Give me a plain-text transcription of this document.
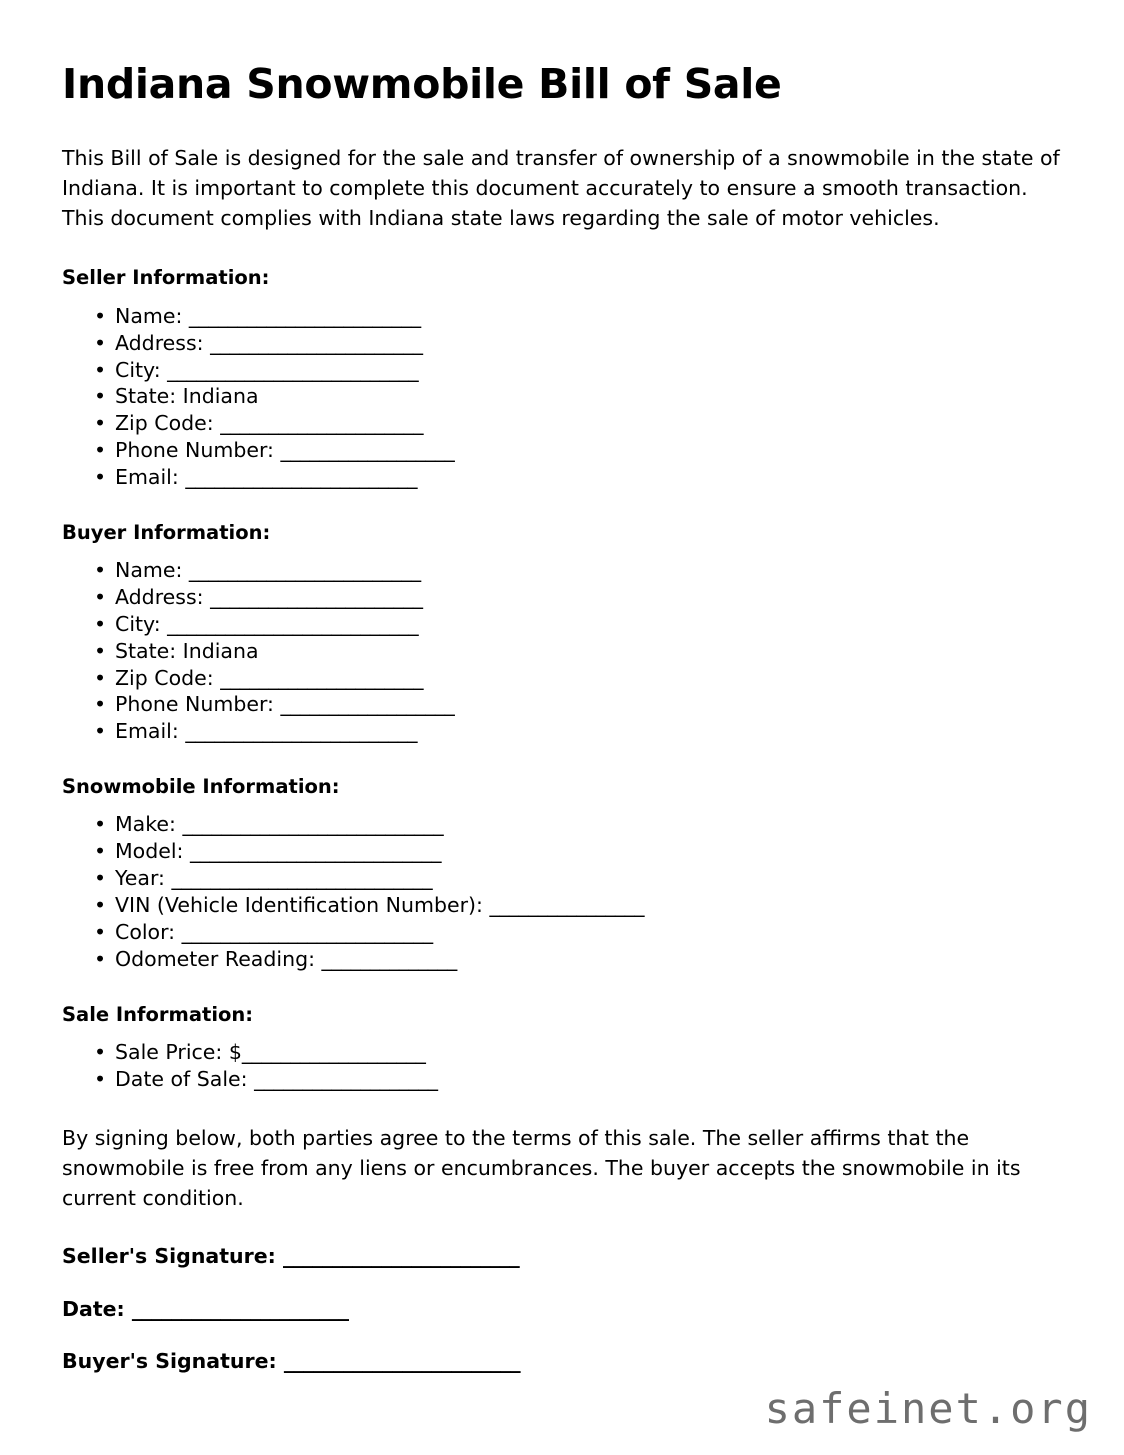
Indiana Snowmobile Bill of Sale

This Bill of Sale is designed for the sale and transfer of ownership of a snowmobile in the state of Indiana. It is important to complete this document accurately to ensure a smooth transaction. This document complies with Indiana state laws regarding the sale of motor vehicles.

Seller Information:
• Name: ________________________
• Address: ______________________
• City: __________________________
• State: Indiana
• Zip Code: _____________________
• Phone Number: __________________
• Email: ________________________
Buyer Information:
• Name: ________________________
• Address: ______________________
• City: __________________________
• State: Indiana
• Zip Code: _____________________
• Phone Number: __________________
• Email: ________________________
Snowmobile Information:
• Make: ___________________________
• Model: __________________________
• Year: ___________________________
• VIN (Vehicle Identification Number): ________________
• Color: __________________________
• Odometer Reading: ______________
Sale Information:
• Sale Price: $___________________
• Date of Sale: ___________________

By signing below, both parties agree to the terms of this sale. The seller affirms that the snowmobile is free from any liens or encumbrances. The buyer accepts the snowmobile in its current condition.

Seller's Signature: ________________________

Date: ______________________

Buyer's Signature: ________________________

safeinet.org
